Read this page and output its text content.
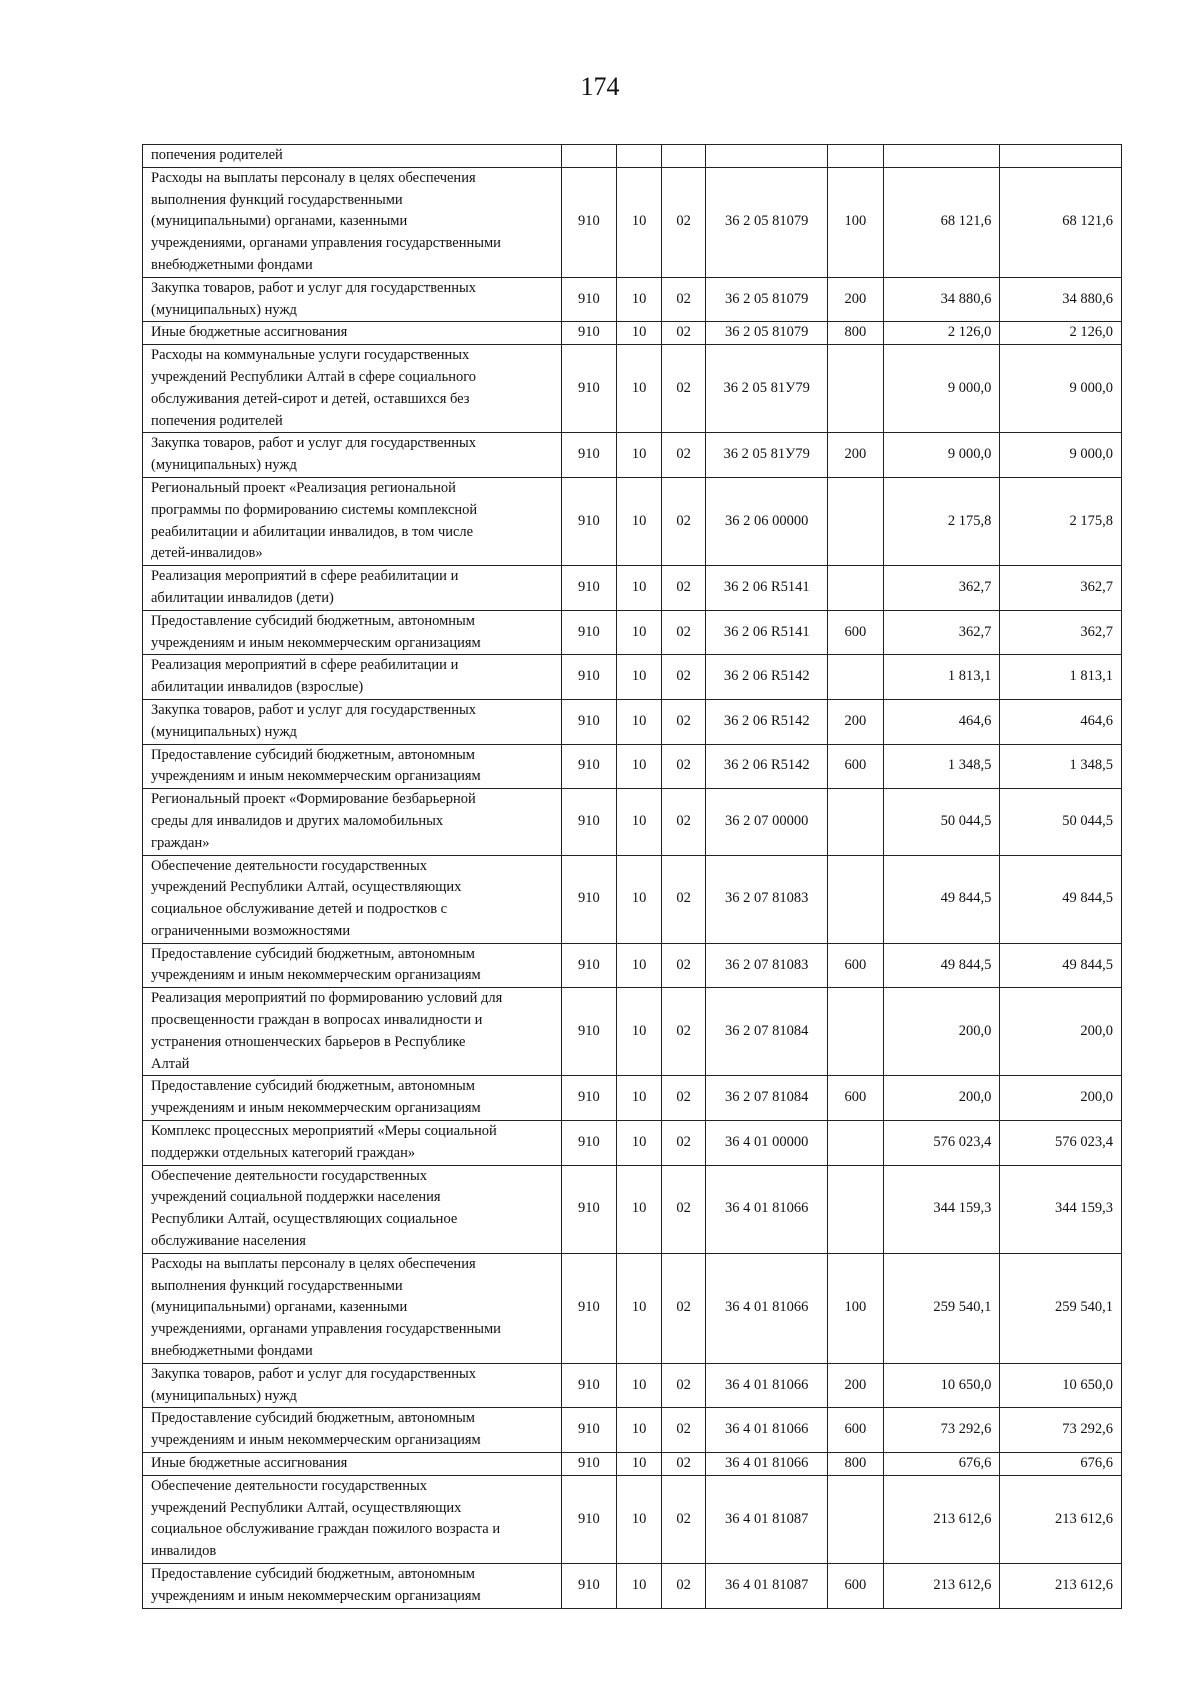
174
попечения родителей							

Расходы на выплаты персоналу в целях обеспечения
выполнения функций государственными
(муниципальными) органами, казенными
учреждениями, органами управления государственными
внебюджетными фондами	910	10	02	36 2 05 81079	100	68 121,6	68 121,6

Закупка товаров, работ и услуг для государственных
(муниципальных) нужд	910	10	02	36 2 05 81079	200	34 880,6	34 880,6

Иные бюджетные ассигнования	910	10	02	36 2 05 81079	800	2 126,0	2 126,0

Расходы на коммунальные услуги государственных
учреждений Республики Алтай в сфере социального
обслуживания детей-сирот и детей, оставшихся без
попечения родителей	910	10	02	36 2 05 81У79		9 000,0	9 000,0

Закупка товаров, работ и услуг для государственных
(муниципальных) нужд	910	10	02	36 2 05 81У79	200	9 000,0	9 000,0

Региональный проект «Реализация региональной
программы по формированию системы комплексной
реабилитации и абилитации инвалидов, в том числе
детей-инвалидов»	910	10	02	36 2 06 00000		2 175,8	2 175,8

Реализация мероприятий в сфере реабилитации и
абилитации инвалидов (дети)	910	10	02	36 2 06 R5141		362,7	362,7

Предоставление субсидий бюджетным, автономным
учреждениям и иным некоммерческим организациям	910	10	02	36 2 06 R5141	600	362,7	362,7

Реализация мероприятий в сфере реабилитации и
абилитации инвалидов (взрослые)	910	10	02	36 2 06 R5142		1 813,1	1 813,1

Закупка товаров, работ и услуг для государственных
(муниципальных) нужд	910	10	02	36 2 06 R5142	200	464,6	464,6

Предоставление субсидий бюджетным, автономным
учреждениям и иным некоммерческим организациям	910	10	02	36 2 06 R5142	600	1 348,5	1 348,5

Региональный проект «Формирование безбарьерной
среды для инвалидов и других маломобильных
граждан»	910	10	02	36 2 07 00000		50 044,5	50 044,5

Обеспечение деятельности государственных
учреждений Республики Алтай, осуществляющих
социальное обслуживание детей и подростков с
ограниченными возможностями	910	10	02	36 2 07 81083		49 844,5	49 844,5

Предоставление субсидий бюджетным, автономным
учреждениям и иным некоммерческим организациям	910	10	02	36 2 07 81083	600	49 844,5	49 844,5

Реализация мероприятий по формированию условий для
просвещенности граждан в вопросах инвалидности и
устранения отношенческих барьеров в Республике
Алтай	910	10	02	36 2 07 81084		200,0	200,0

Предоставление субсидий бюджетным, автономным
учреждениям и иным некоммерческим организациям	910	10	02	36 2 07 81084	600	200,0	200,0

Комплекс процессных мероприятий «Меры социальной
поддержки отдельных категорий граждан»	910	10	02	36 4 01 00000		576 023,4	576 023,4

Обеспечение деятельности государственных
учреждений социальной поддержки населения
Республики Алтай, осуществляющих социальное
обслуживание населения	910	10	02	36 4 01 81066		344 159,3	344 159,3

Расходы на выплаты персоналу в целях обеспечения
выполнения функций государственными
(муниципальными) органами, казенными
учреждениями, органами управления государственными
внебюджетными фондами	910	10	02	36 4 01 81066	100	259 540,1	259 540,1

Закупка товаров, работ и услуг для государственных
(муниципальных) нужд	910	10	02	36 4 01 81066	200	10 650,0	10 650,0

Предоставление субсидий бюджетным, автономным
учреждениям и иным некоммерческим организациям	910	10	02	36 4 01 81066	600	73 292,6	73 292,6

Иные бюджетные ассигнования	910	10	02	36 4 01 81066	800	676,6	676,6

Обеспечение деятельности государственных
учреждений Республики Алтай, осуществляющих
социальное обслуживание граждан пожилого возраста и
инвалидов	910	10	02	36 4 01 81087		213 612,6	213 612,6

Предоставление субсидий бюджетным, автономным
учреждениям и иным некоммерческим организациям	910	10	02	36 4 01 81087	600	213 612,6	213 612,6
